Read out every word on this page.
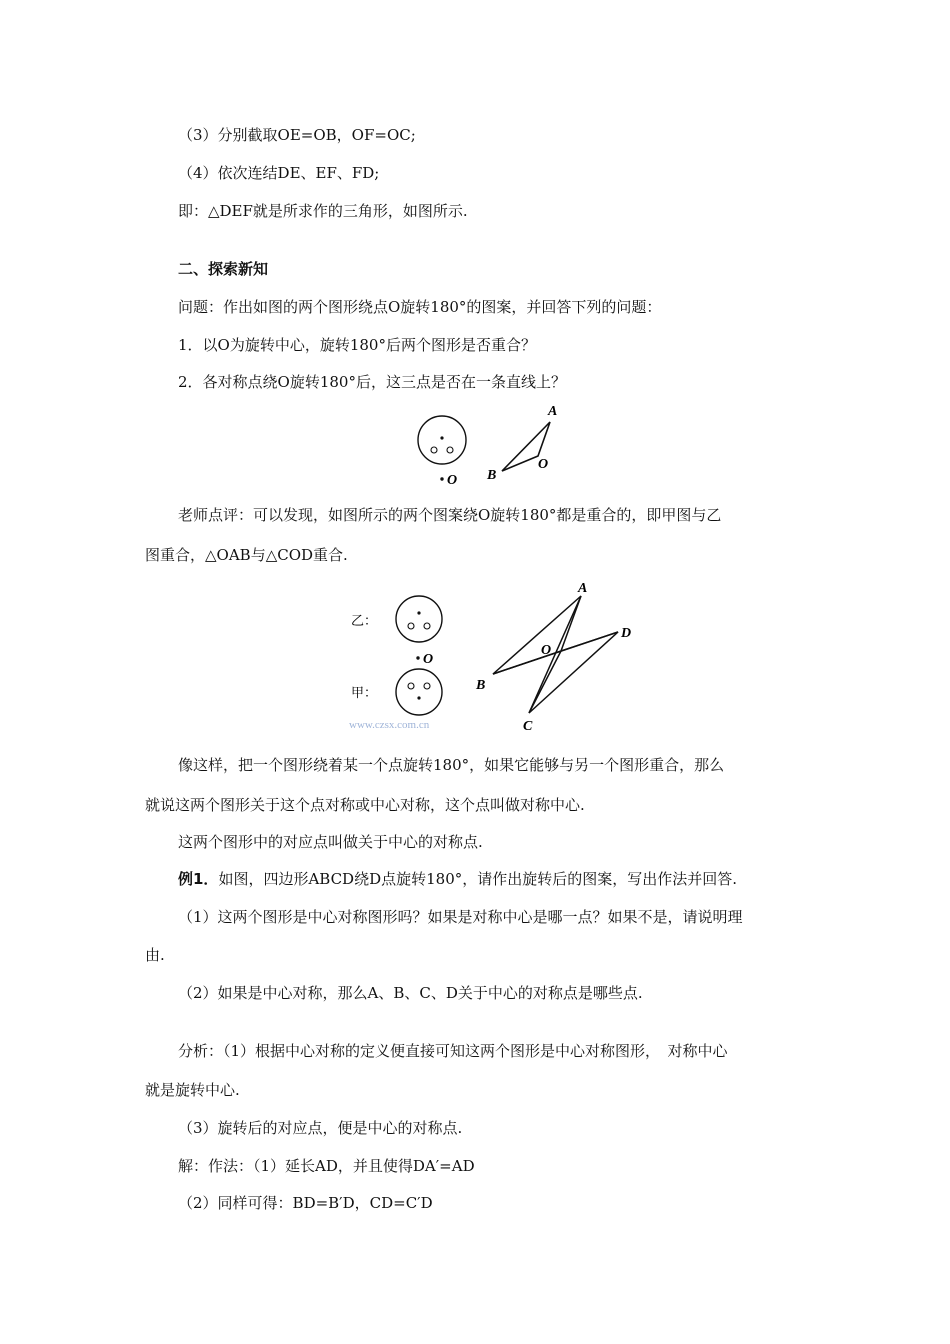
（3）分别截取OE=OB，OF=OC;
（4）依次连结DE、EF、FD;
即：△DEF就是所求作的三角形，如图所示.
二、探索新知
问题：作出如图的两个图形绕点O旋转180°的图案，并回答下列的问题：
1．以O为旋转中心，旋转180°后两个图形是否重合？
2．各对称点绕O旋转180°后，这三点是否在一条直线上？
O
A
B
O
老师点评：可以发现，如图所示的两个图案绕O旋转180°都是重合的，即甲图与乙
图重合，△OAB与△COD重合.
乙：
O
甲：
A
B
C
D
O
www.czsx.com.cn
像这样，把一个图形绕着某一个点旋转180°，如果它能够与另一个图形重合，那么
就说这两个图形关于这个点对称或中心对称，这个点叫做对称中心.
这两个图形中的对应点叫做关于中心的对称点.
例1．如图，四边形ABCD绕D点旋转180°，请作出旋转后的图案，写出作法并回答.
（1）这两个图形是中心对称图形吗？如果是对称中心是哪一点？如果不是，请说明理
由.
（2）如果是中心对称，那么A、B、C、D关于中心的对称点是哪些点.
分析：（1）根据中心对称的定义便直接可知这两个图形是中心对称图形，　对称中心
就是旋转中心.
（3）旋转后的对应点，便是中心的对称点.
解：作法：（1）延长AD，并且使得DA′=AD
（2）同样可得：BD=B′D，CD=C′D
